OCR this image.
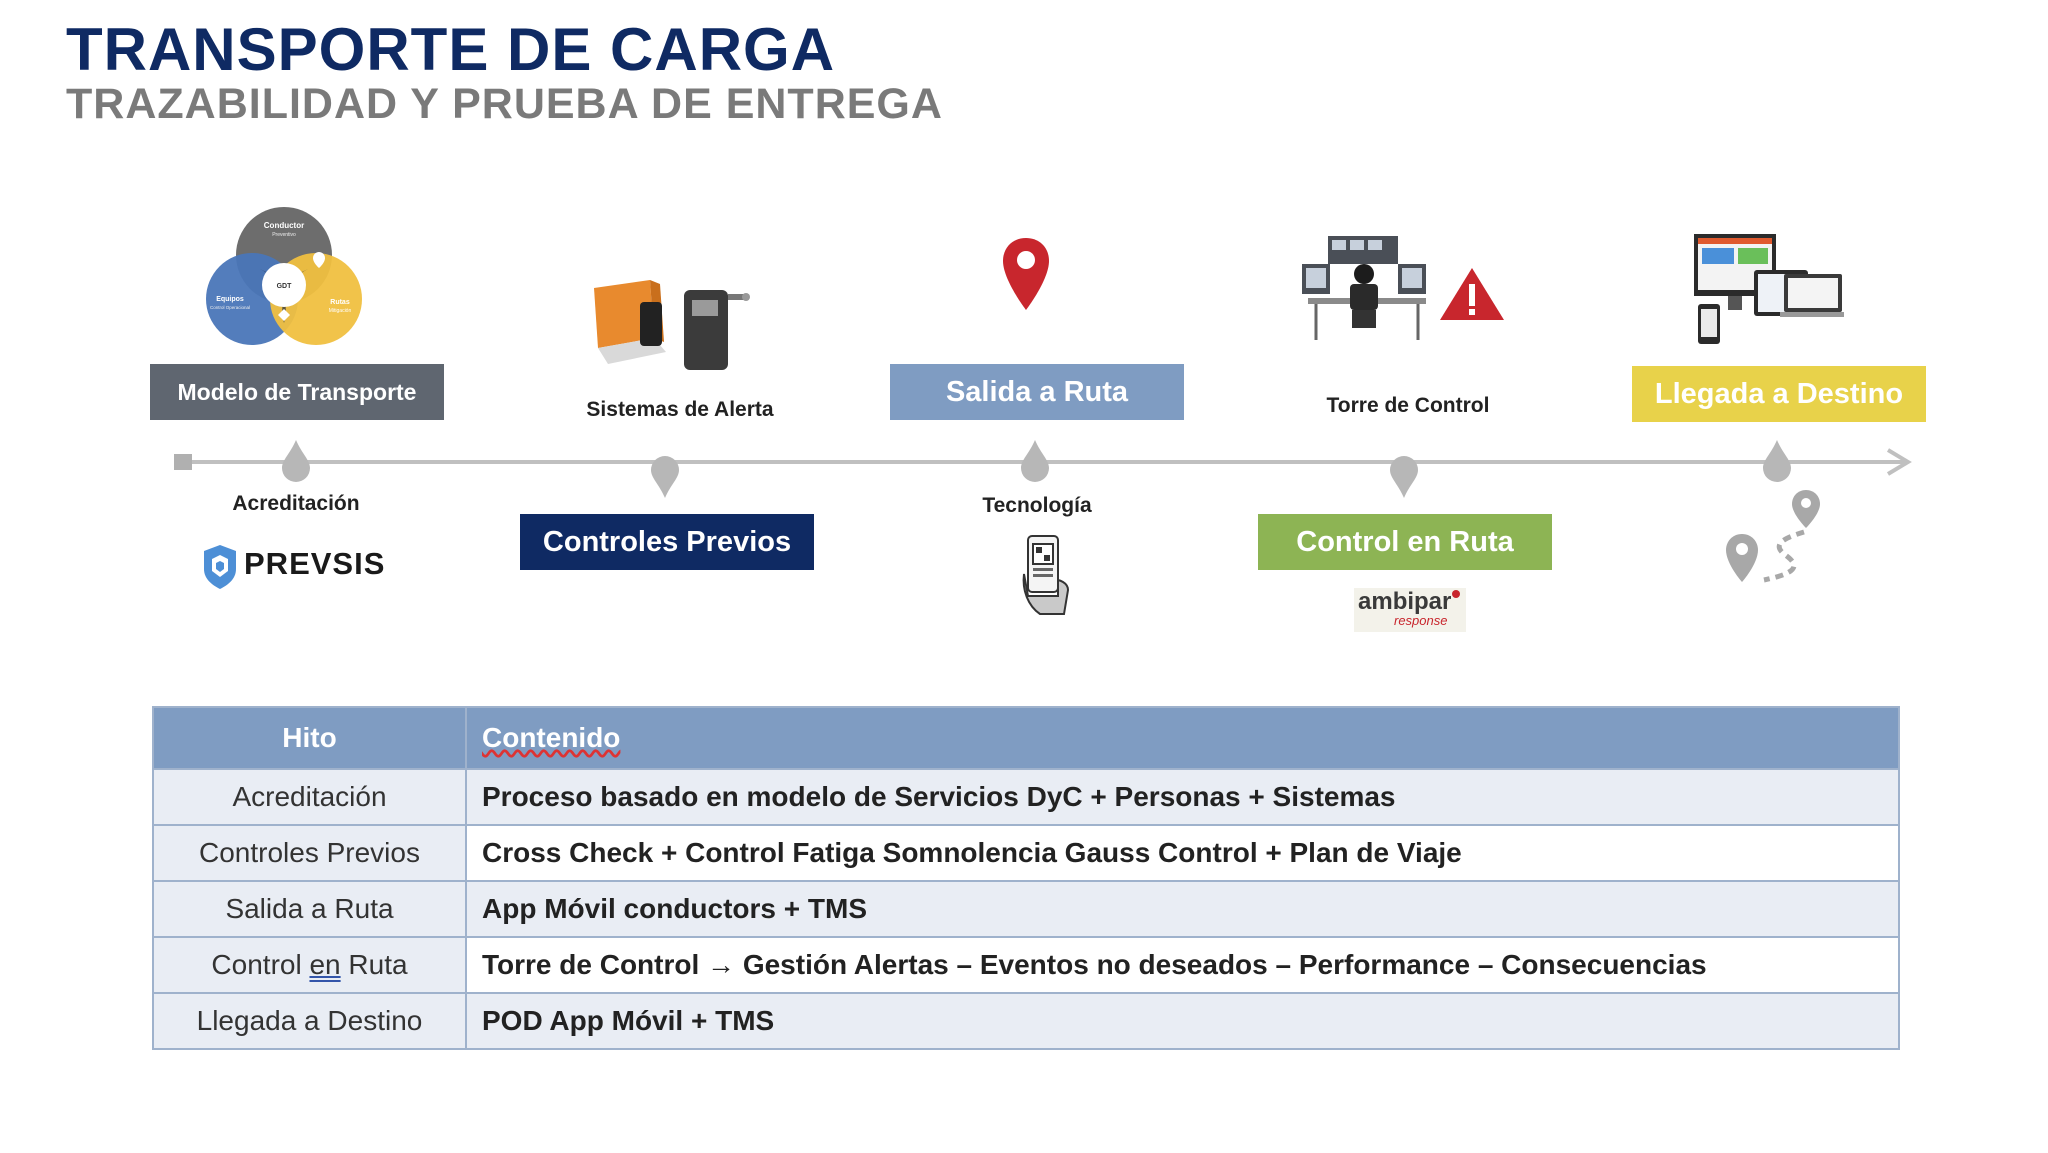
TRANSPORTE DE CARGA
TRAZABILIDAD Y PRUEBA DE ENTREGA
Conductor
Preventivo
Equipos
Control Operacional
Rutas
Mitigación
GDT
Modelo de Transporte
Sistemas de Alerta
Salida a Ruta	Torre de Control	Llegada a Destino
Acreditación
PREVSIS
Controles Previos
Tecnología
Control en Ruta
ambipar
response
Hito	Contenido
Acreditación	Proceso basado en modelo de Servicios DyC + Personas + Sistemas
Controles Previos	Cross Check + Control Fatiga Somnolencia Gauss Control + Plan de Viaje
Salida a Ruta	App Móvil conductors + TMS
Control en Ruta	Torre de Control → Gestión Alertas – Eventos no deseados – Performance – Consecuencias
Llegada a Destino	POD App Móvil + TMS
